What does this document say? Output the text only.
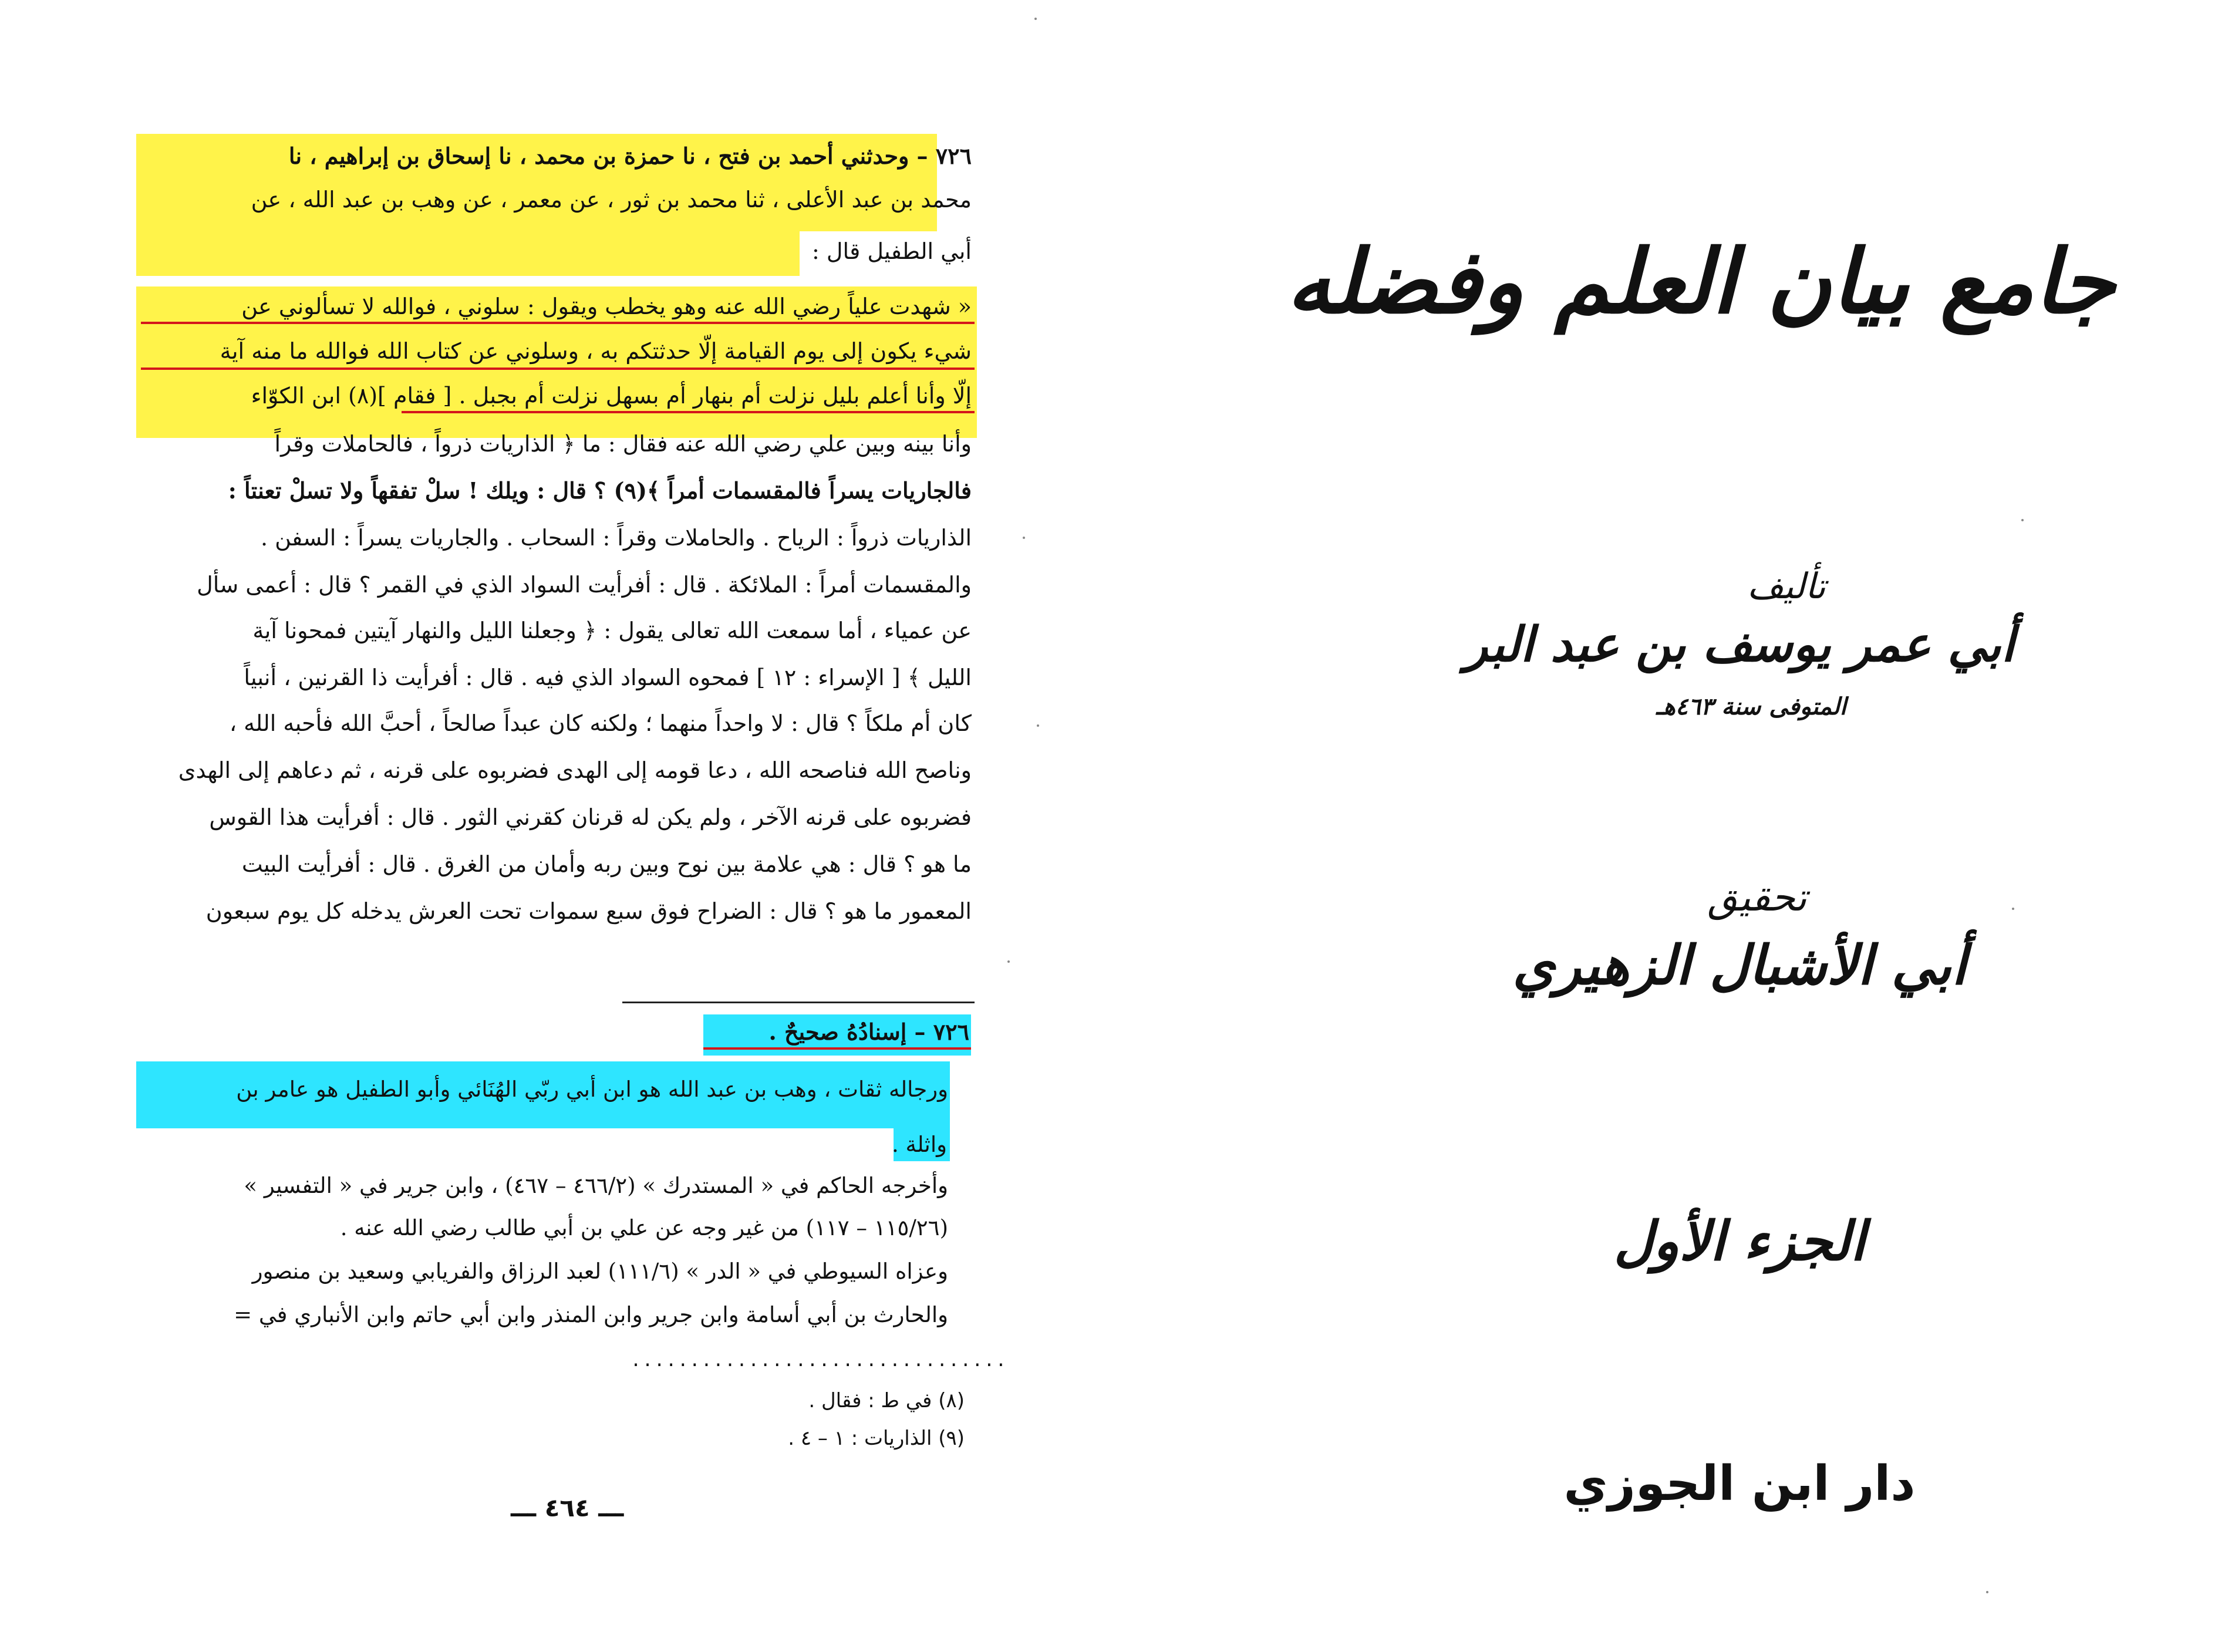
٧٢٦ – وحدثني أحمد بن فتح ، نا حمزة بن محمد ، نا إسحاق بن إبراهيم ، نا
محمد بن عبد الأعلى ، ثنا محمد بن ثور ، عن معمر ، عن وهب بن عبد الله ، عن
أبي الطفيل قال :
« شهدت علياً رضي الله عنه وهو يخطب ويقول : سلوني ، فوالله لا تسألوني عن
شيء يكون إلى يوم القيامة إلّا حدثتكم به ، وسلوني عن كتاب الله فوالله ما منه آية
إلّا وأنا أعلم بليل نزلت أم بنهار أم بسهل نزلت أم بجبل . [ فقام ](٨) ابن الكوّاء
وأنا بينه وبين علي رضي الله عنه فقال : ما ﴿ الذاريات ذرواً ، فالحاملات وقراً
فالجاريات يسراً فالمقسمات أمراً ﴾(٩) ؟ قال : ويلك ! سلْ تفقهاً ولا تسلْ تعنتاً :
الذاريات ذرواً : الرياح . والحاملات وقراً : السحاب . والجاريات يسراً : السفن .
والمقسمات أمراً : الملائكة . قال : أفرأيت السواد الذي في القمر ؟ قال : أعمى سأل
عن عمياء ، أما سمعت الله تعالى يقول : ﴿ وجعلنا الليل والنهار آيتين فمحونا آية
الليل ﴾ [ الإسراء : ١٢ ] فمحوه السواد الذي فيه . قال : أفرأيت ذا القرنين ، أنبياً
كان أم ملكاً ؟ قال : لا واحداً منهما ؛ ولكنه كان عبداً صالحاً ، أحبَّ الله فأحبه الله ،
وناصح الله فناصحه الله ، دعا قومه إلى الهدى فضربوه على قرنه ، ثم دعاهم إلى الهدى
فضربوه على قرنه الآخر ، ولم يكن له قرنان كقرني الثور . قال : أفرأيت هذا القوس
ما هو ؟ قال : هي علامة بين نوح وبين ربه وأمان من الغرق . قال : أفرأيت البيت
المعمور ما هو ؟ قال : الضراح فوق سبع سموات تحت العرش يدخله كل يوم سبعون
٧٢٦ – إسنادُهُ صحيحٌ .
ورجاله ثقات ، وهب بن عبد الله هو ابن أبي ربّي الهُنَائي وأبو الطفيل هو عامر بن
واثلة .
وأخرجه الحاكم في « المستدرك » (٤٦٦/٢ – ٤٦٧) ، وابن جرير في « التفسير »
(١١٥/٢٦ – ١١٧) من غير وجه عن علي بن أبي طالب رضي الله عنه .
وعزاه السيوطي في « الدر » (١١١/٦) لعبد الرزاق والفريابي وسعيد بن منصور
والحارث بن أبي أسامة وابن جرير وابن المنذر وابن أبي حاتم وابن الأنباري في =
................................
(٨) في ط : فقال .
(٩) الذاريات : ١ – ٤ .
ـــ ٤٦٤ ـــ
جامع بيان العلم وفضله
تأليف
أبي عمر يوسف بن عبد البر
المتوفى سنة ٤٦٣هـ
تحقيق
أبي الأشبال الزهيري
الجزء الأول
دار ابن الجوزي
